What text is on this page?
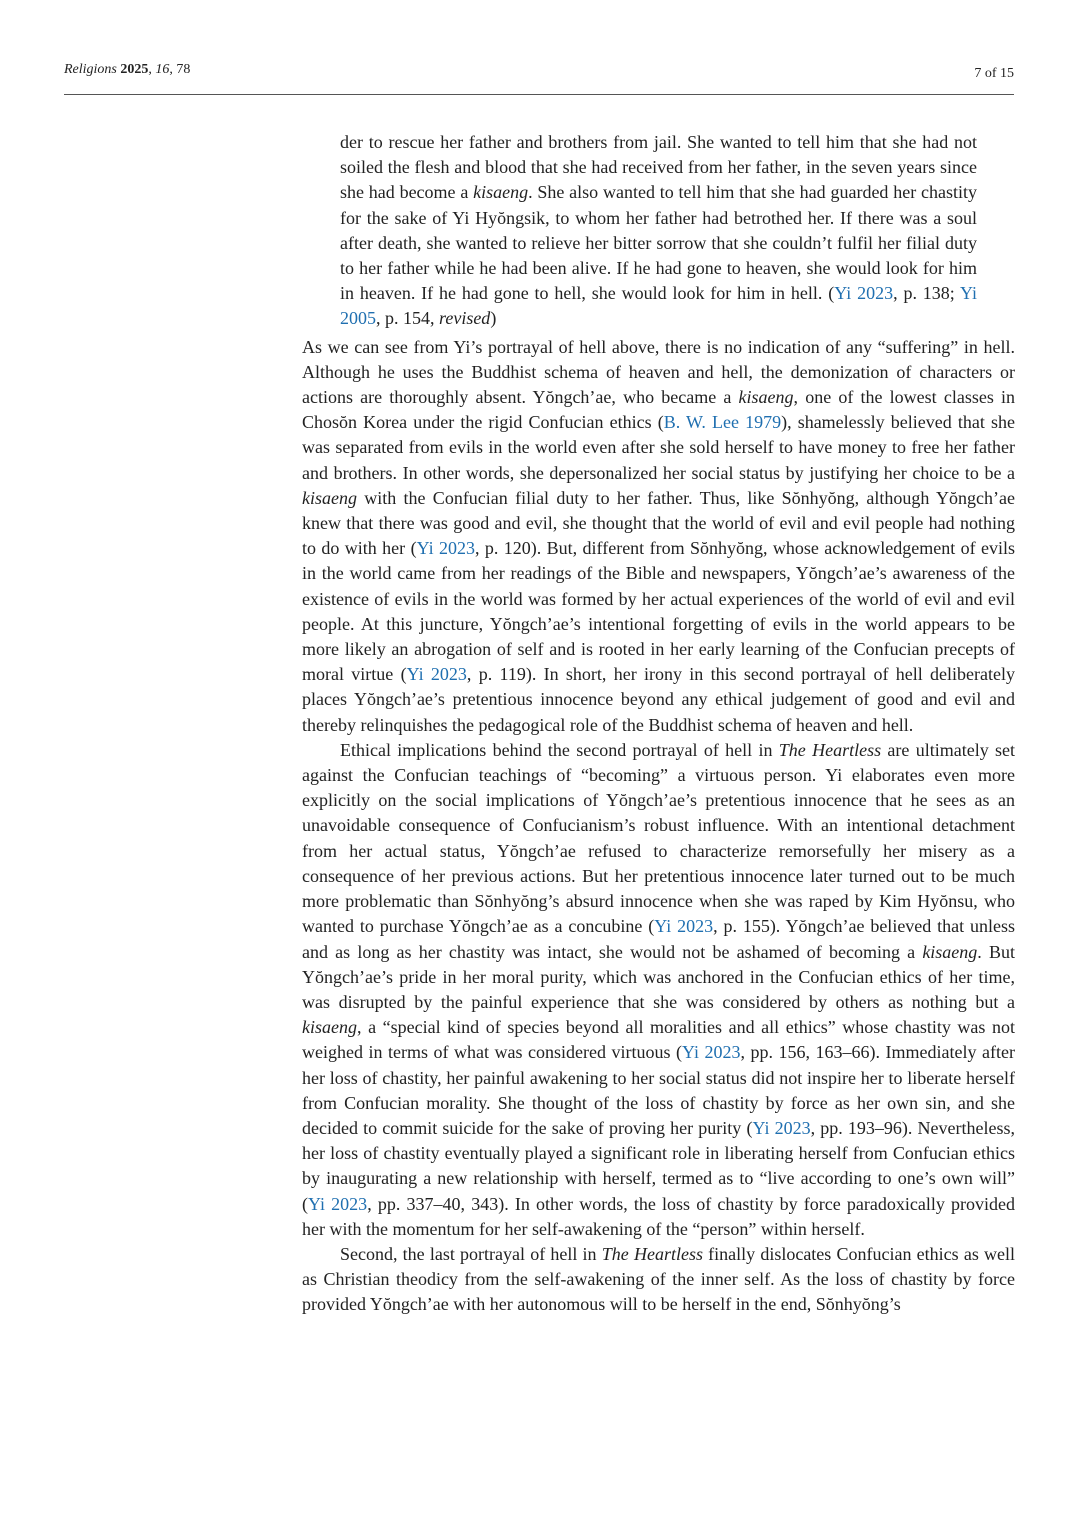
Religions 2025, 16, 78	7 of 15
der to rescue her father and brothers from jail. She wanted to tell him that she had not soiled the flesh and blood that she had received from her father, in the seven years since she had become a kisaeng. She also wanted to tell him that she had guarded her chastity for the sake of Yi Hyŏngsik, to whom her father had betrothed her. If there was a soul after death, she wanted to relieve her bitter sorrow that she couldn’t fulfil her filial duty to her father while he had been alive. If he had gone to heaven, she would look for him in heaven. If he had gone to hell, she would look for him in hell. (Yi 2023, p. 138; Yi 2005, p. 154, revised)

As we can see from Yi’s portrayal of hell above, there is no indication of any “suffering” in hell. Although he uses the Buddhist schema of heaven and hell, the demonization of characters or actions are thoroughly absent. Yŏngch’ae, who became a kisaeng, one of the lowest classes in Chosŏn Korea under the rigid Confucian ethics (B. W. Lee 1979), shamelessly believed that she was separated from evils in the world even after she sold herself to have money to free her father and brothers. In other words, she depersonalized her social status by justifying her choice to be a kisaeng with the Confucian filial duty to her father. Thus, like Sŏnhyŏng, although Yŏngch’ae knew that there was good and evil, she thought that the world of evil and evil people had nothing to do with her (Yi 2023, p. 120). But, different from Sŏnhyŏng, whose acknowledgement of evils in the world came from her readings of the Bible and newspapers, Yŏngch’ae’s awareness of the existence of evils in the world was formed by her actual experiences of the world of evil and evil people. At this juncture, Yŏngch’ae’s intentional forgetting of evils in the world appears to be more likely an abrogation of self and is rooted in her early learning of the Confucian precepts of moral virtue (Yi 2023, p. 119). In short, her irony in this second portrayal of hell deliberately places Yŏngch’ae’s pretentious innocence beyond any ethical judgement of good and evil and thereby relinquishes the pedagogical role of the Buddhist schema of heaven and hell.

Ethical implications behind the second portrayal of hell in The Heartless are ultimately set against the Confucian teachings of “becoming” a virtuous person. Yi elaborates even more explicitly on the social implications of Yŏngch’ae’s pretentious innocence that he sees as an unavoidable consequence of Confucianism’s robust influence. With an intentional detachment from her actual status, Yŏngch’ae refused to characterize remorsefully her misery as a consequence of her previous actions. But her pretentious innocence later turned out to be much more problematic than Sŏnhyŏng’s absurd innocence when she was raped by Kim Hyŏnsu, who wanted to purchase Yŏngch’ae as a concubine (Yi 2023, p. 155). Yŏngch’ae believed that unless and as long as her chastity was intact, she would not be ashamed of becoming a kisaeng. But Yŏngch’ae’s pride in her moral purity, which was anchored in the Confucian ethics of her time, was disrupted by the painful experience that she was considered by others as nothing but a kisaeng, a “special kind of species beyond all moralities and all ethics” whose chastity was not weighed in terms of what was considered virtuous (Yi 2023, pp. 156, 163–66). Immediately after her loss of chastity, her painful awakening to her social status did not inspire her to liberate herself from Confucian morality. She thought of the loss of chastity by force as her own sin, and she decided to commit suicide for the sake of proving her purity (Yi 2023, pp. 193–96). Nevertheless, her loss of chastity eventually played a significant role in liberating herself from Confucian ethics by inaugurating a new relationship with herself, termed as to “live according to one’s own will” (Yi 2023, pp. 337–40, 343). In other words, the loss of chastity by force paradoxically provided her with the momentum for her self-awakening of the “person” within herself.

Second, the last portrayal of hell in The Heartless finally dislocates Confucian ethics as well as Christian theodicy from the self-awakening of the inner self. As the loss of chastity by force provided Yŏngch’ae with her autonomous will to be herself in the end, Sŏnhyŏng’s
